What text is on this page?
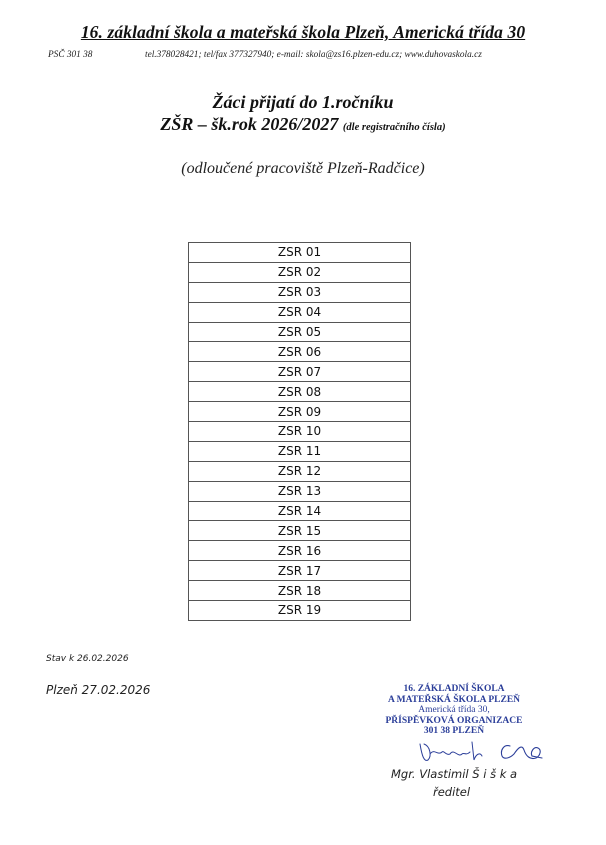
16. základní škola a mateřská škola Plzeň, Americká třída 30
PSČ 301 38	tel.378028421; tel/fax 377327940; e-mail: skola@zs16.plzen-edu.cz; www.duhovaskola.cz
Žáci přijatí do 1.ročníku
ZŠR – šk.rok 2026/2027 (dle registračního čísla)
(odloučené pracoviště Plzeň-Radčice)
ZSR 01
ZSR 02
ZSR 03
ZSR 04
ZSR 05
ZSR 06
ZSR 07
ZSR 08
ZSR 09
ZSR 10
ZSR 11
ZSR 12
ZSR 13
ZSR 14
ZSR 15
ZSR 16
ZSR 17
ZSR 18
ZSR 19
Stav k 26.02.2026
Plzeň 27.02.2026	16. ZÁKLADNÍ ŠKOLA
A MATEŘSKÁ ŠKOLA PLZEŇ
Americká třída 30,
PŘÍSPĚVKOVÁ ORGANIZACE
301 38 PLZEŇ
Mgr. Vlastimil Š i š k a
ředitel
